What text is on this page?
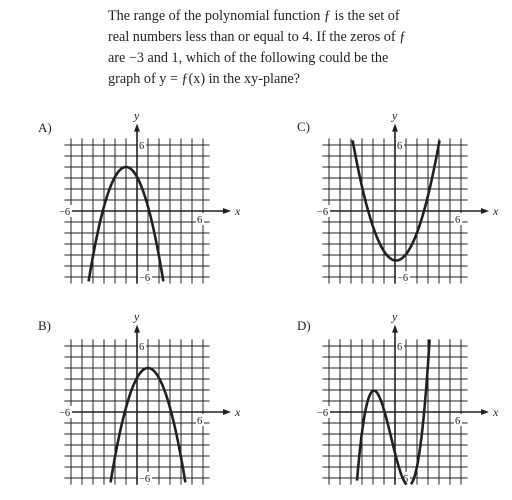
The range of the polynomial function ƒ is the set of

real numbers less than or equal to 4. If the zeros of ƒ

are −3 and 1, which of the following could be the

graph of y = ƒ(x) in the xy-plane?

A)
x
y
6
−6
−6
6
B)
x
y
6
−6
−6
6
C)
x
y
6
−6
−6
6
D)
x
y
6
−6
−6
6
